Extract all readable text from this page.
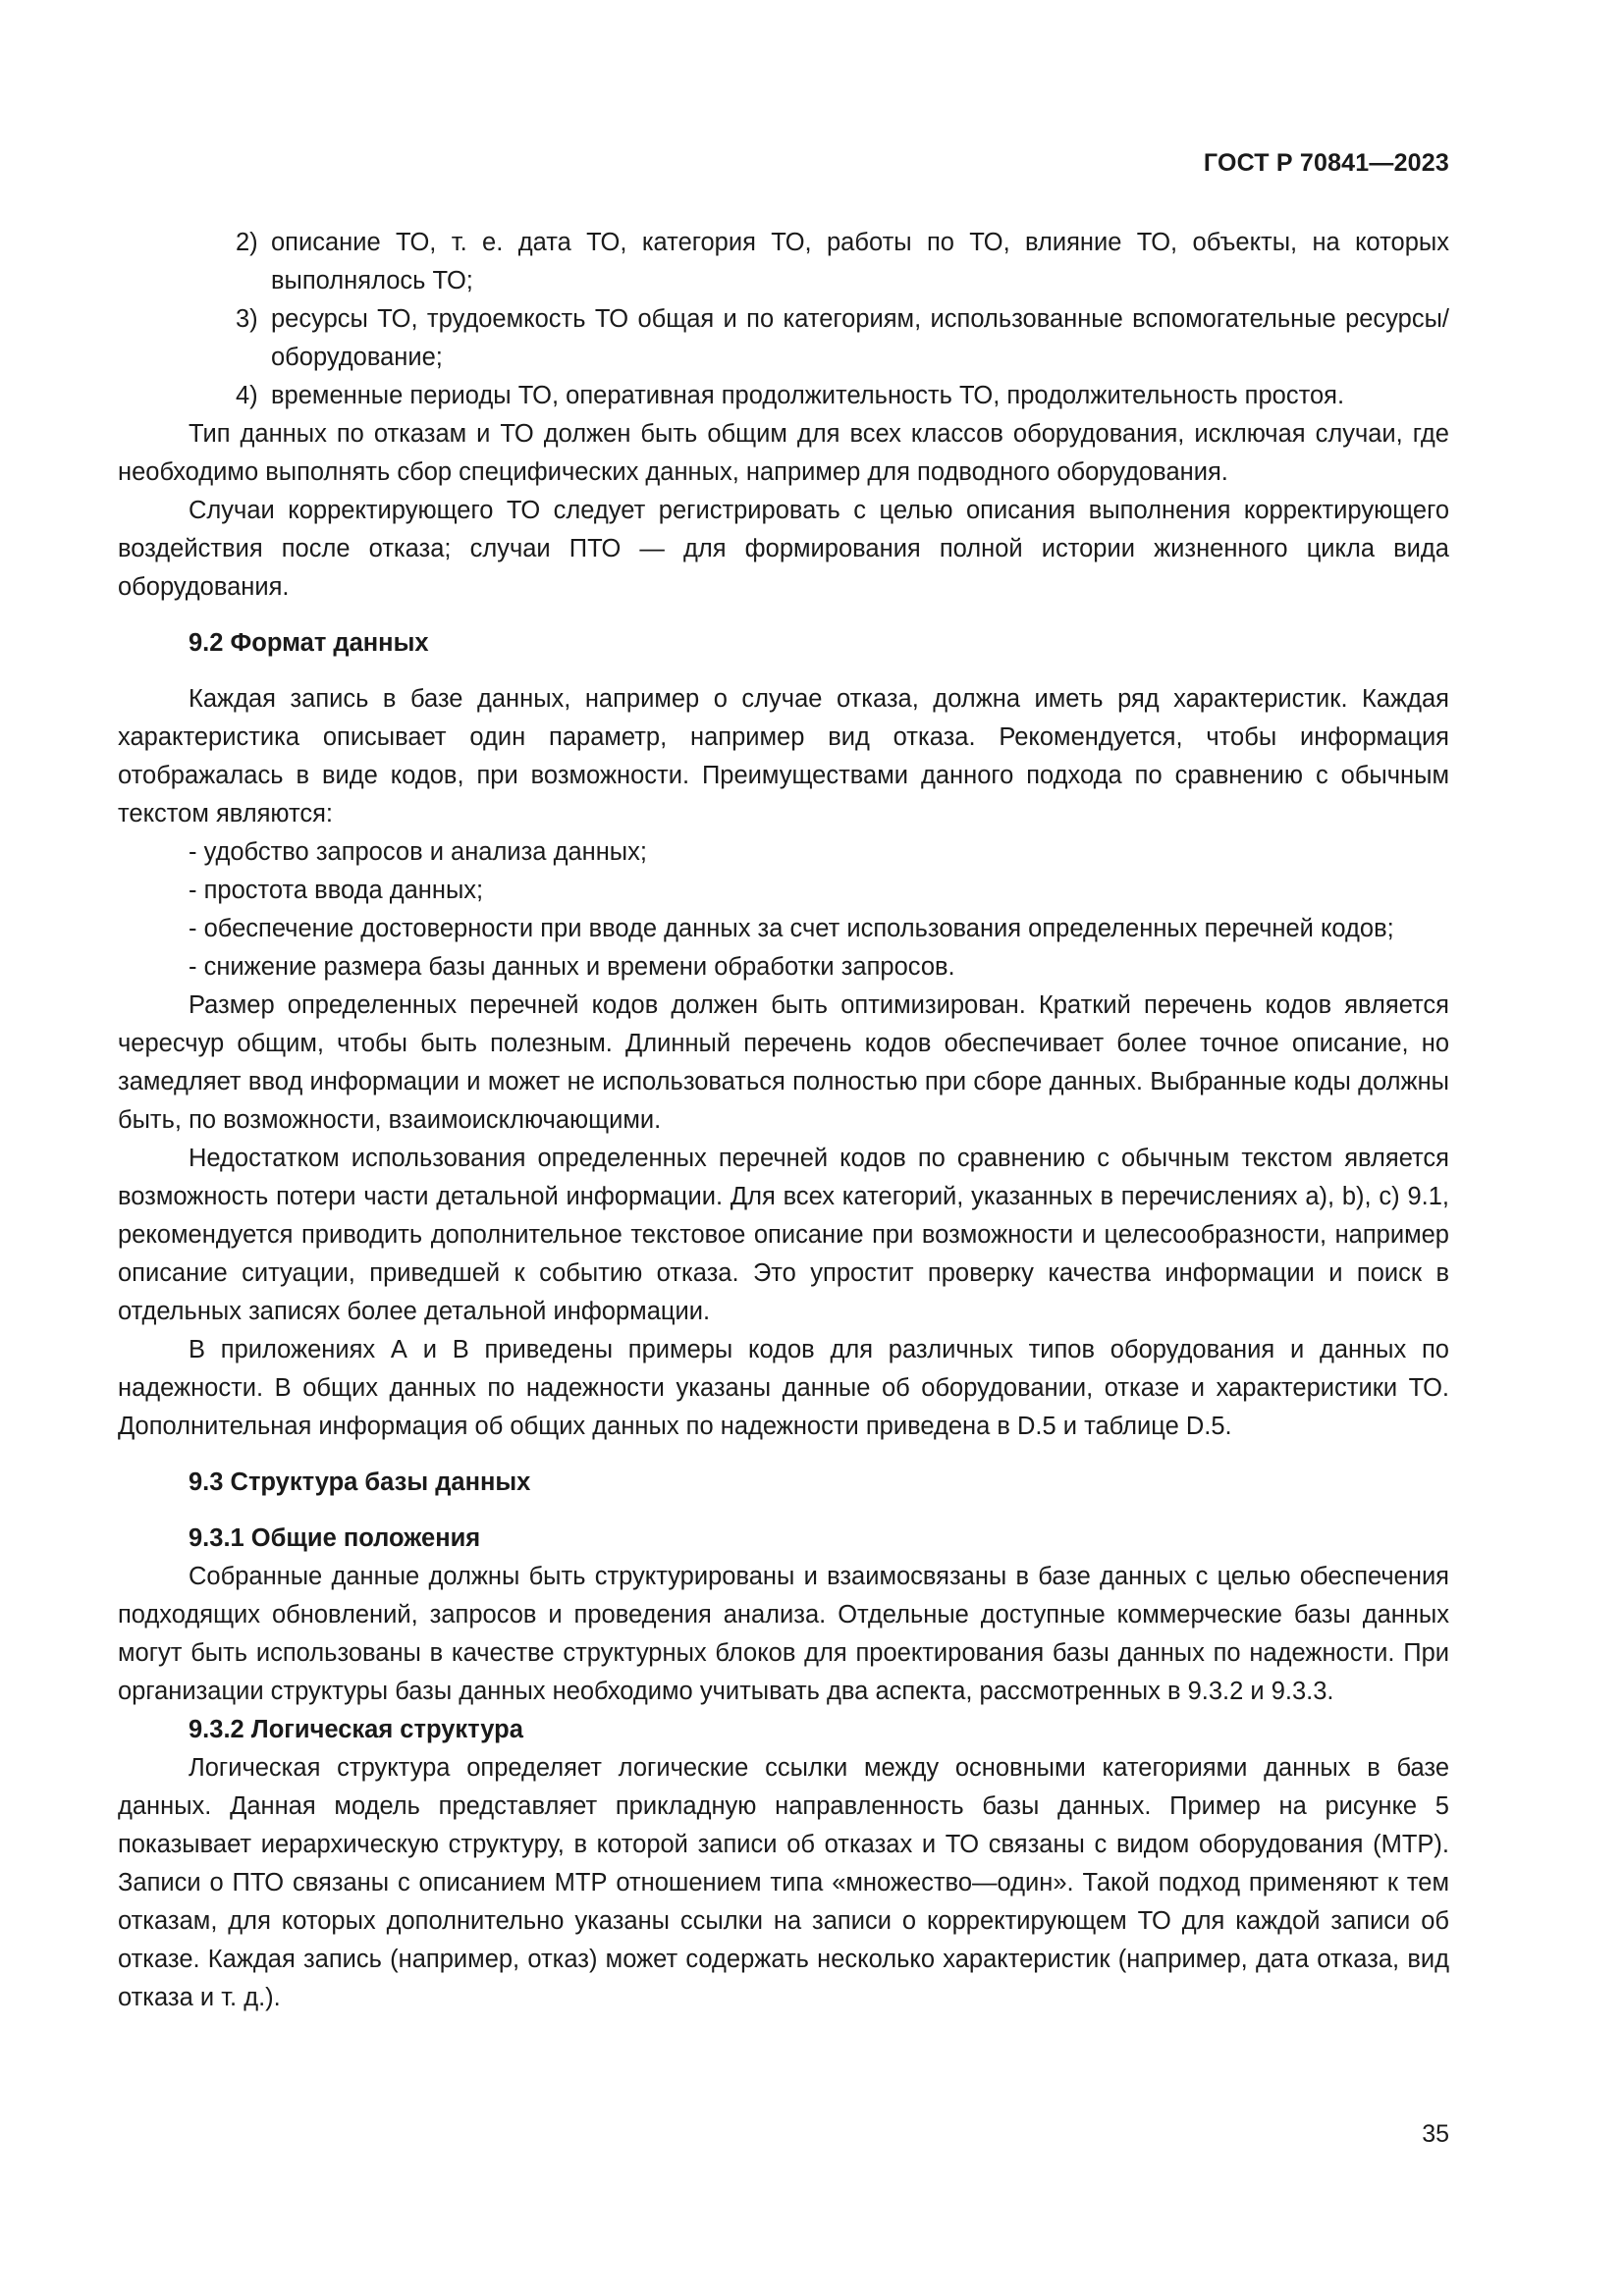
ГОСТ Р 70841—2023
2) описание ТО, т. е. дата ТО, категория ТО, работы по ТО, влияние ТО, объекты, на которых выполнялось ТО;
3) ресурсы ТО, трудоемкость ТО общая и по категориям, использованные вспомогательные ресурсы/оборудование;
4) временные периоды ТО, оперативная продолжительность ТО, продолжительность простоя.

Тип данных по отказам и ТО должен быть общим для всех классов оборудования, исключая случаи, где необходимо выполнять сбор специфических данных, например для подводного оборудования.

Случаи корректирующего ТО следует регистрировать с целью описания выполнения корректирующего воздействия после отказа; случаи ПТО — для формирования полной истории жизненного цикла вида оборудования.

9.2 Формат данных

Каждая запись в базе данных, например о случае отказа, должна иметь ряд характеристик. Каждая характеристика описывает один параметр, например вид отказа. Рекомендуется, чтобы информация отображалась в виде кодов, при возможности. Преимуществами данного подхода по сравнению с обычным текстом являются:

- удобство запросов и анализа данных;

- простота ввода данных;

- обеспечение достоверности при вводе данных за счет использования определенных перечней кодов;

- снижение размера базы данных и времени обработки запросов.

Размер определенных перечней кодов должен быть оптимизирован. Краткий перечень кодов является чересчур общим, чтобы быть полезным. Длинный перечень кодов обеспечивает более точное описание, но замедляет ввод информации и может не использоваться полностью при сборе данных. Выбранные коды должны быть, по возможности, взаимоисключающими.

Недостатком использования определенных перечней кодов по сравнению с обычным текстом является возможность потери части детальной информации. Для всех категорий, указанных в перечислениях а), b), с) 9.1, рекомендуется приводить дополнительное текстовое описание при возможности и целесообразности, например описание ситуации, приведшей к событию отказа. Это упростит проверку качества информации и поиск в отдельных записях более детальной информации.

В приложениях А и В приведены примеры кодов для различных типов оборудования и данных по надежности. В общих данных по надежности указаны данные об оборудовании, отказе и характеристики ТО. Дополнительная информация об общих данных по надежности приведена в D.5 и таблице D.5.

9.3 Структура базы данных

9.3.1 Общие положения

Собранные данные должны быть структурированы и взаимосвязаны в базе данных с целью обеспечения подходящих обновлений, запросов и проведения анализа. Отдельные доступные коммерческие базы данных могут быть использованы в качестве структурных блоков для проектирования базы данных по надежности. При организации структуры базы данных необходимо учитывать два аспекта, рассмотренных в 9.3.2 и 9.3.3.

9.3.2 Логическая структура

Логическая структура определяет логические ссылки между основными категориями данных в базе данных. Данная модель представляет прикладную направленность базы данных. Пример на рисунке 5 показывает иерархическую структуру, в которой записи об отказах и ТО связаны с видом оборудования (МТР). Записи о ПТО связаны с описанием МТР отношением типа «множество—один». Такой подход применяют к тем отказам, для которых дополнительно указаны ссылки на записи о корректирующем ТО для каждой записи об отказе. Каждая запись (например, отказ) может содержать несколько характеристик (например, дата отказа, вид отказа и т. д.).

35
